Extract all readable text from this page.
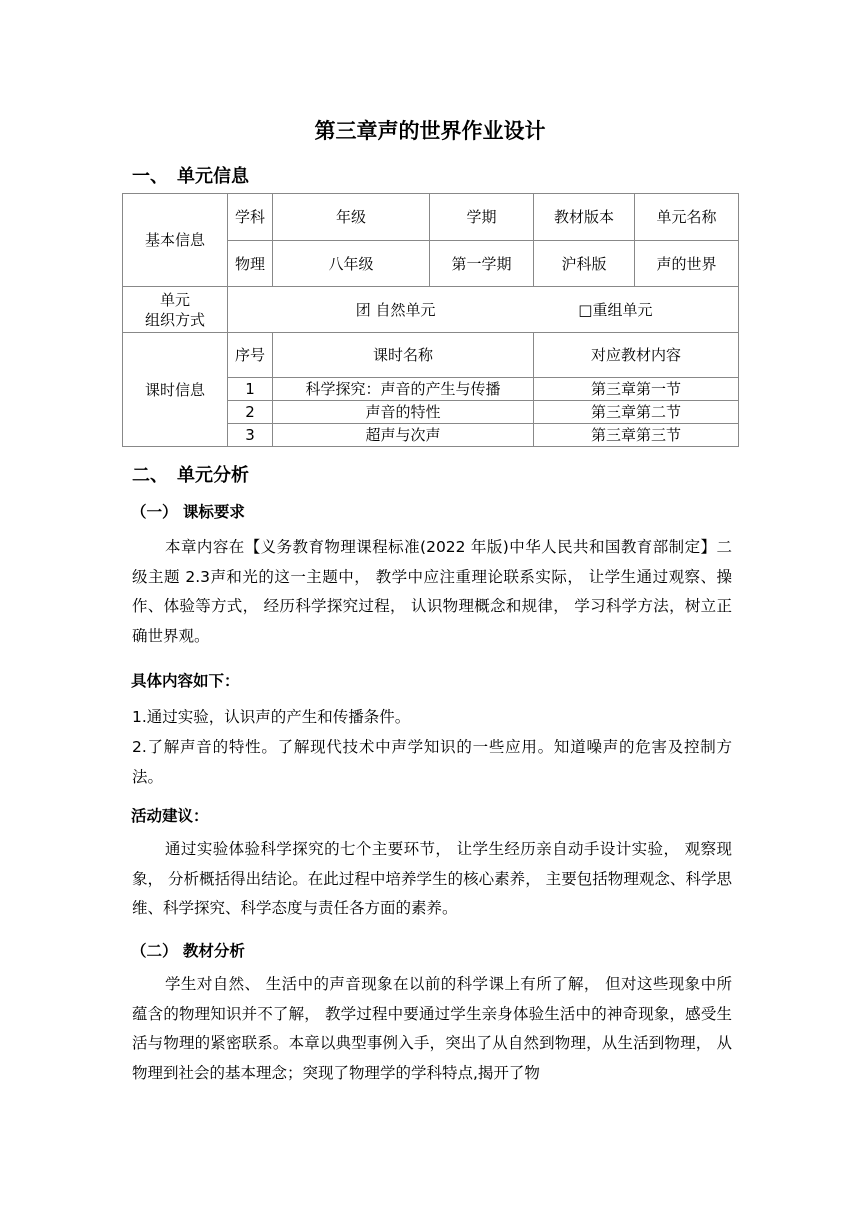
第三章声的世界作业设计
一、　单元信息
基本信息	学科	年级	学期	教材版本	单元名称
	物理	八年级	第一学期	沪科版	声的世界

单元
组织方式	团 自然单元 □重组单元				
课时信息	序号	课时名称		对应教材内容	
	1	科学探究：声音的产生与传播		第三章第一节	
	2	声音的特性		第三章第二节	
	3	超声与次声		第三章第三节	
二、　单元分析
（一） 课标要求
本章内容在【义务教育物理课程标准(2022 年版)中华人民共和国教育部制定】二级主题 2.3声和光的这一主题中， 教学中应注重理论联系实际， 让学生通过观察、操作、体验等方式， 经历科学探究过程， 认识物理概念和规律， 学习科学方法，树立正确世界观。
具体内容如下：
1.通过实验，认识声的产生和传播条件。
2.了解声音的特性。了解现代技术中声学知识的一些应用。知道噪声的危害及控制方法。
活动建议：
通过实验体验科学探究的七个主要环节， 让学生经历亲自动手设计实验， 观察现象， 分析概括得出结论。在此过程中培养学生的核心素养， 主要包括物理观念、科学思维、科学探究、科学态度与责任各方面的素养。
（二） 教材分析
学生对自然、 生活中的声音现象在以前的科学课上有所了解， 但对这些现象中所蕴含的物理知识并不了解， 教学过程中要通过学生亲身体验生活中的神奇现象，感受生活与物理的紧密联系。本章以典型事例入手，突出了从自然到物理，从生活到物理， 从物理到社会的基本理念；突现了物理学的学科特点,揭开了物
